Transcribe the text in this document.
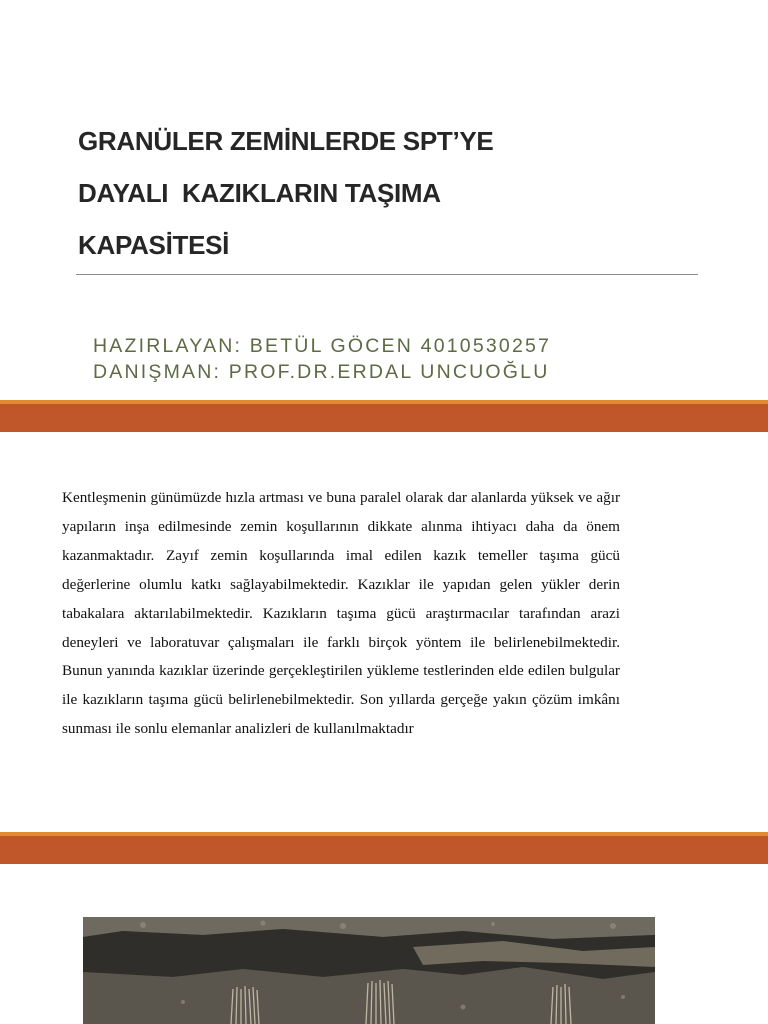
GRANÜLER ZEMİNLERDE SPT’YE
DAYALI  KAZIKLARIN TAŞIMA
KAPASİTESİ
HAZIRLAYAN: BETÜL GÖCEN 4010530257
DANIŞMAN: PROF.DR.ERDAL UNCUOĞLU

Kentleşmenin günümüzde hızla artması ve buna paralel olarak dar alanlarda yüksek ve ağır yapıların inşa edilmesinde zemin koşullarının dikkate alınma ihtiyacı daha da önem kazanmaktadır. Zayıf zemin koşullarında imal edilen kazık temeller taşıma gücü değerlerine olumlu katkı sağlayabilmektedir. Kazıklar ile yapıdan gelen yükler derin tabakalara aktarılabilmektedir. Kazıkların taşıma gücü araştırmacılar tarafından arazi deneyleri ve laboratuvar çalışmaları ile farklı birçok yöntem ile belirlenebilmektedir. Bunun yanında kazıklar üzerinde gerçekleştirilen yükleme testlerinden elde edilen bulgular ile kazıkların taşıma gücü belirlenebilmektedir. Son yıllarda gerçeğe yakın çözüm imkânı sunması ile sonlu elemanlar analizleri de kullanılmaktadır
